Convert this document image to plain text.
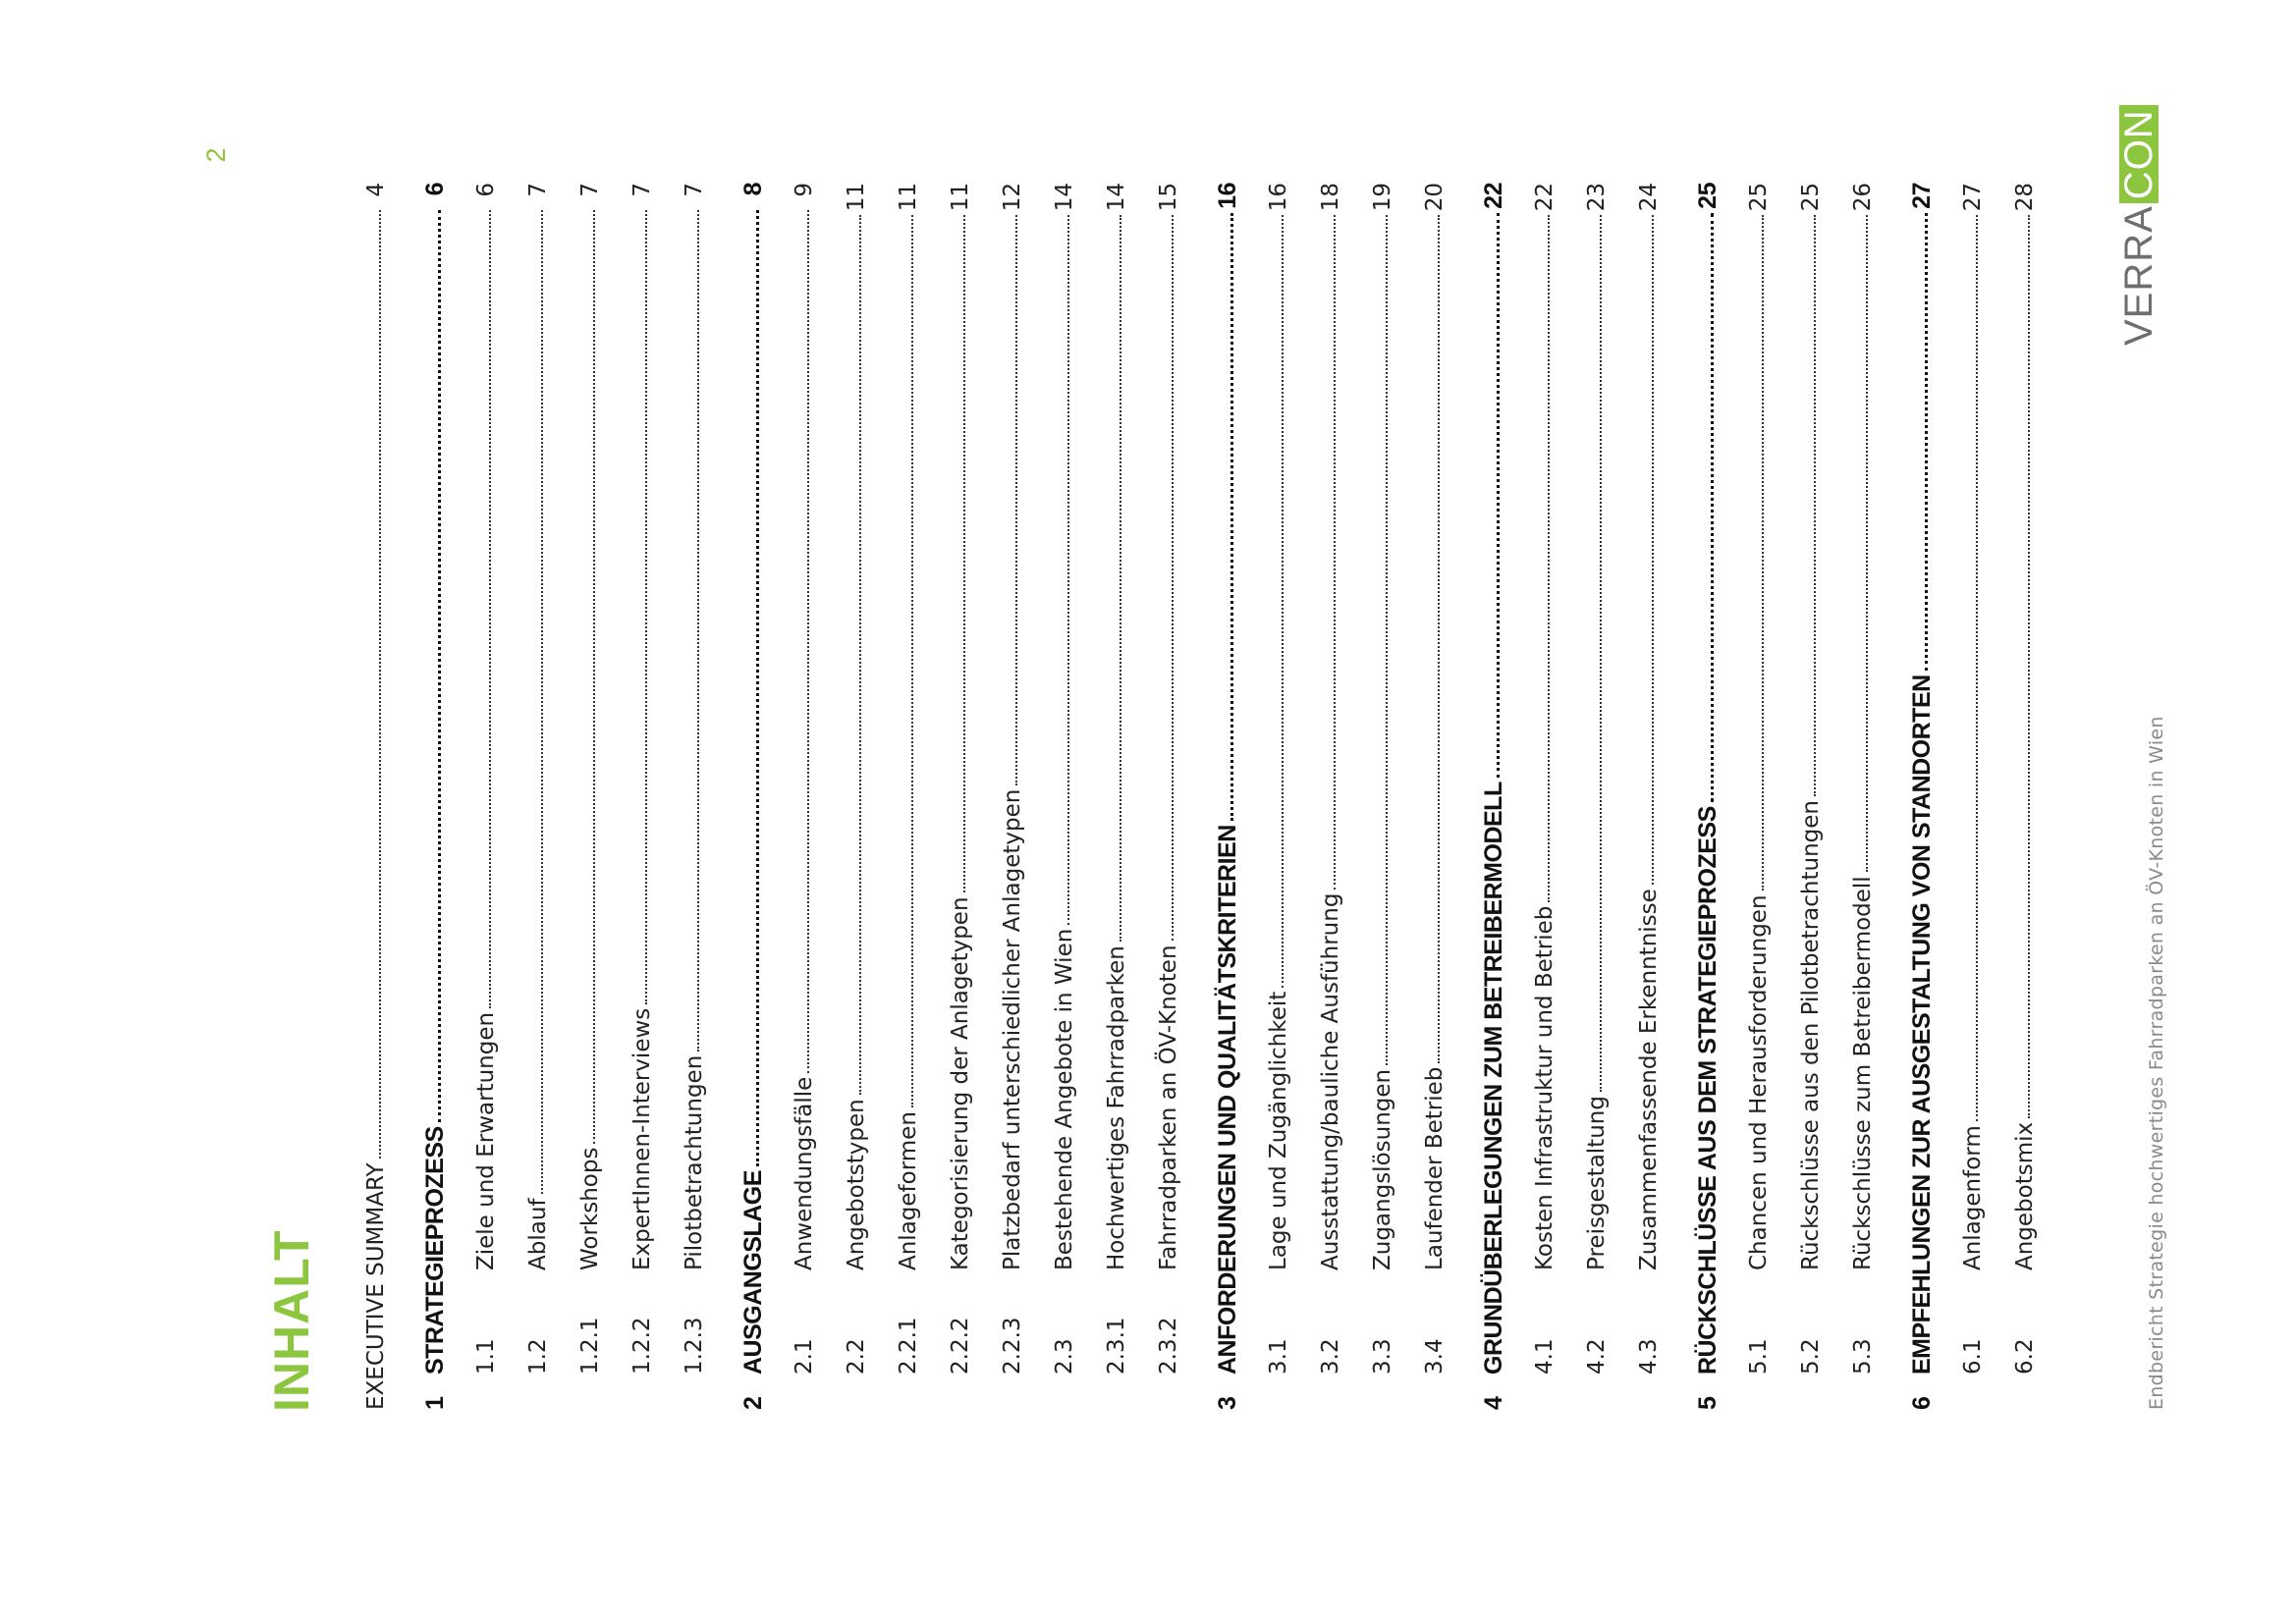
2
INHALT EXECUTIVE SUMMARY
4
1
STRATEGIEPROZESS
6
1.1
Ziele und Erwartungen
6
1.2
Ablauf
7
1.2.1
Workshops
7
1.2.2
ExpertInnen-Interviews
7
1.2.3
Pilotbetrachtungen
7
2
AUSGANGSLAGE
8
2.1
Anwendungsfälle
9
2.2
Angebotstypen
11
2.2.1
Anlageformen
11
2.2.2
Kategorisierung der Anlagetypen
11
2.2.3
Platzbedarf unterschiedlicher Anlagetypen
12
2.3
Bestehende Angebote in Wien
14
2.3.1
Hochwertiges Fahrradparken
14
2.3.2
Fahrradparken an ÖV-Knoten
15
3
ANFORDERUNGEN UND QUALITÄTSKRITERIEN
16
3.1
Lage und Zugänglichkeit
16
3.2
Ausstattung/bauliche Ausführung
18
3.3
Zugangslösungen
19
3.4
Laufender Betrieb
20
4
GRUNDÜBERLEGUNGEN ZUM BETREIBERMODELL
22
4.1
Kosten Infrastruktur und Betrieb
22
4.2
Preisgestaltung
23
4.3
Zusammenfassende Erkenntnisse
24
5
RÜCKSCHLÜSSE AUS DEM STRATEGIEPROZESS
25
5.1
Chancen und Herausforderungen
25
5.2
Rückschlüsse aus den Pilotbetrachtungen
25
5.3
Rückschlüsse zum Betreibermodell
26
6
EMPFEHLUNGEN ZUR AUSGESTALTUNG VON STANDORTEN
27
6.1
Anlagenform
27
6.2
Angebotsmix
28
Endbericht Strategie hochwertiges Fahrradparken an ÖV-Knoten in Wien
VERRA
CON
